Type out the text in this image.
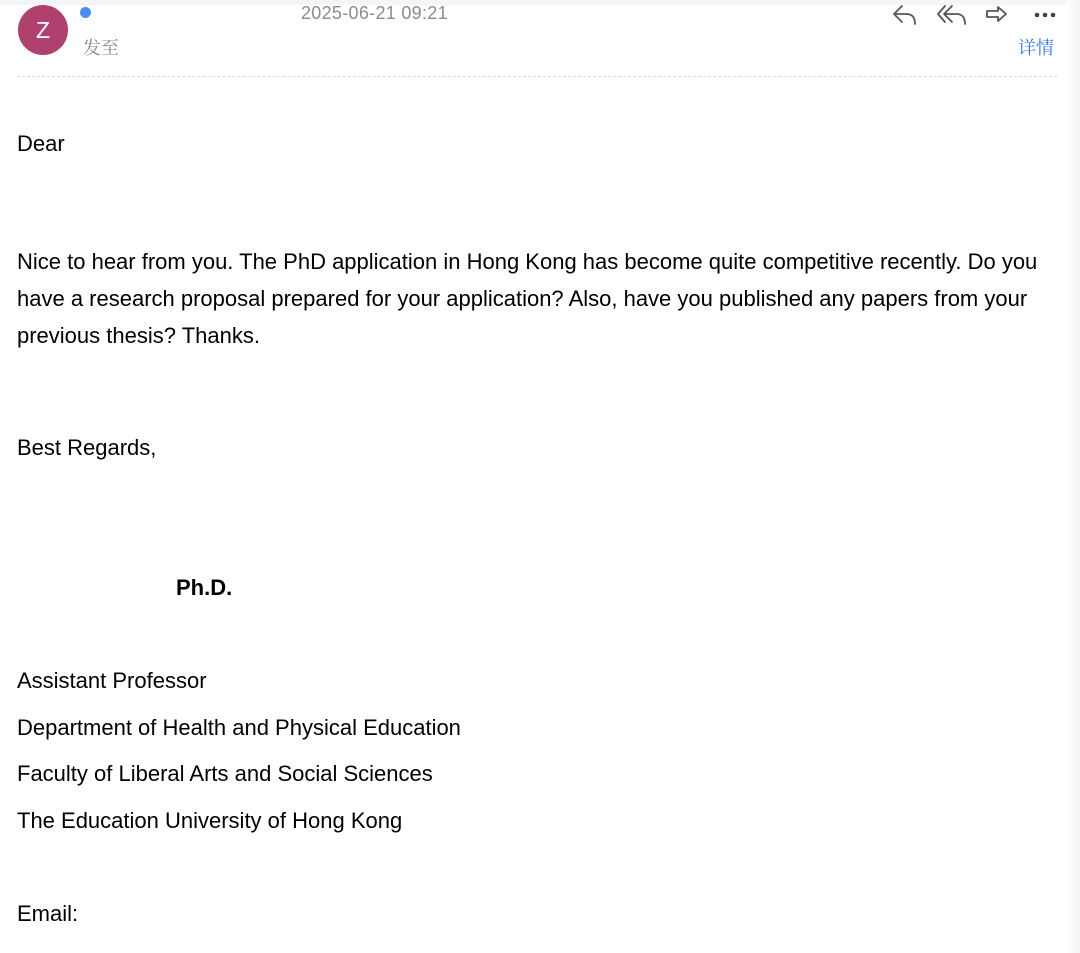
Z
发至
2025-06-21 09:21
详情
Dear
Nice to hear from you. The PhD application in Hong Kong has become quite competitive recently. Do you have a research proposal prepared for your application? Also, have you published any papers from your previous thesis? Thanks.
Best Regards,
Ph.D.
Assistant Professor
Department of Health and Physical Education
Faculty of Liberal Arts and Social Sciences
The Education University of Hong Kong
Email:
